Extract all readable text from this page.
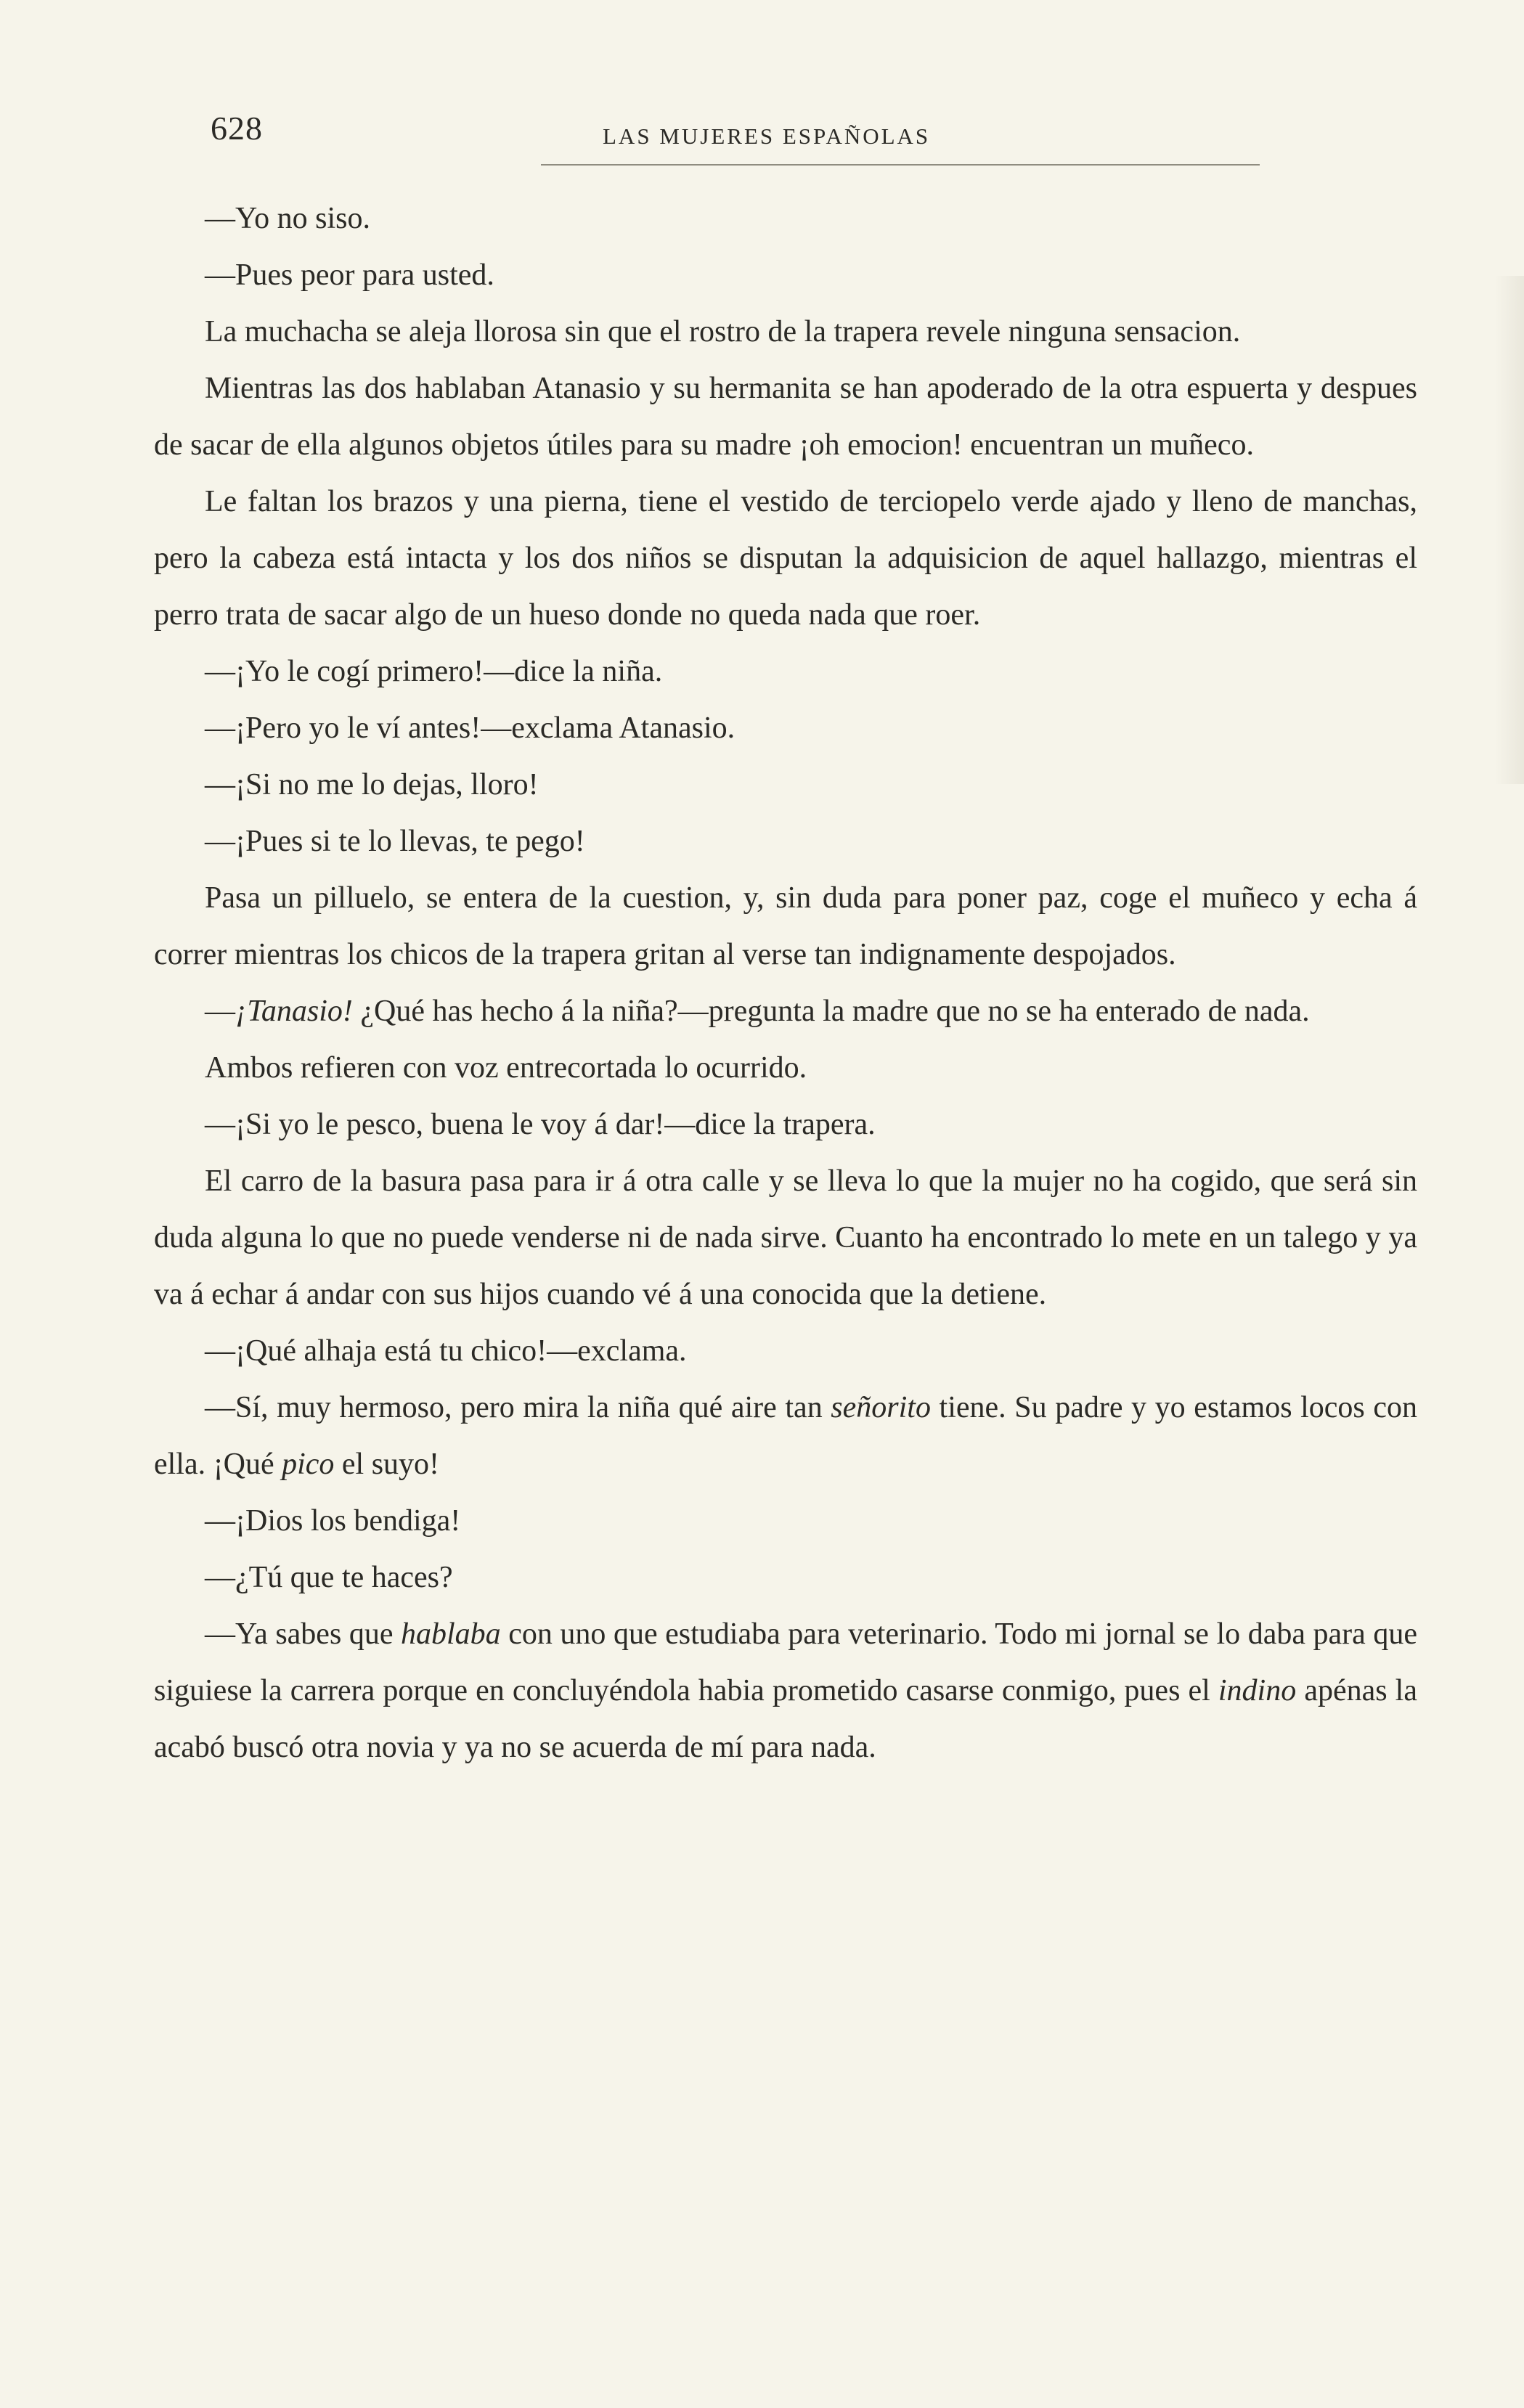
628	LAS MUJERES ESPAÑOLAS

—Yo no siso.

—Pues peor para usted.

La muchacha se aleja llorosa sin que el rostro de la trapera revele ninguna sensacion.

Mientras las dos hablaban Atanasio y su hermanita se han apoderado de la otra espuerta y despues de sacar de ella algunos objetos útiles para su madre ¡oh emocion! encuentran un muñeco.

Le faltan los brazos y una pierna, tiene el vestido de terciopelo verde ajado y lleno de manchas, pero la cabeza está intacta y los dos niños se disputan la adquisicion de aquel hallazgo, mientras el perro trata de sacar algo de un hueso donde no queda nada que roer.

—¡Yo le cogí primero!—dice la niña.

—¡Pero yo le ví antes!—exclama Atanasio.

—¡Si no me lo dejas, lloro!

—¡Pues si te lo llevas, te pego!

Pasa un pilluelo, se entera de la cuestion, y, sin duda para poner paz, coge el muñeco y echa á correr mientras los chicos de la trapera gritan al verse tan indignamente despojados.

—¡Tanasio! ¿Qué has hecho á la niña?—pregunta la madre que no se ha enterado de nada.

Ambos refieren con voz entrecortada lo ocurrido.

—¡Si yo le pesco, buena le voy á dar!—dice la trapera.

El carro de la basura pasa para ir á otra calle y se lleva lo que la mujer no ha cogido, que será sin duda alguna lo que no puede venderse ni de nada sirve. Cuanto ha encontrado lo mete en un talego y ya va á echar á andar con sus hijos cuando vé á una conocida que la detiene.

—¡Qué alhaja está tu chico!—exclama.

—Sí, muy hermoso, pero mira la niña qué aire tan señorito tiene. Su padre y yo estamos locos con ella. ¡Qué pico el suyo!

—¡Dios los bendiga!

—¿Tú que te haces?

—Ya sabes que hablaba con uno que estudiaba para veterinario. Todo mi jornal se lo daba para que siguiese la carrera porque en concluyéndola habia prometido casarse conmigo, pues el indino apénas la acabó buscó otra novia y ya no se acuerda de mí para nada.
